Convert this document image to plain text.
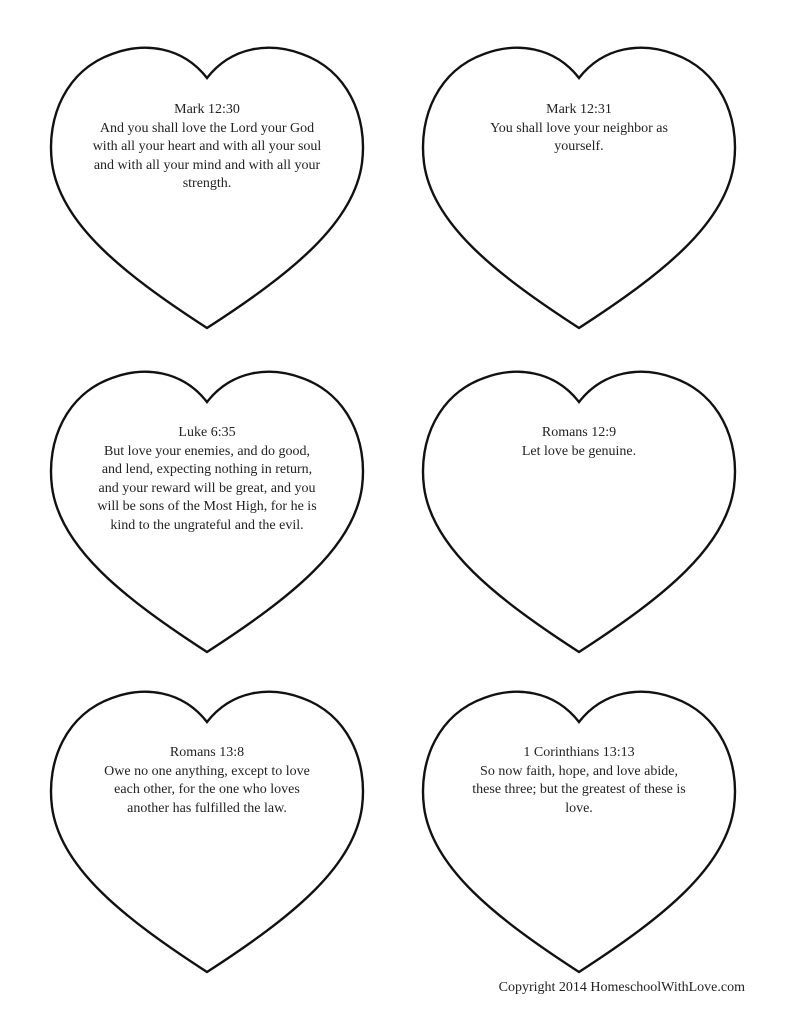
Mark 12:30
And you shall love the Lord your God
with all your heart and with all your soul
and with all your mind and with all your
strength.
Mark 12:31
You shall love your neighbor as
yourself.
Luke 6:35
But love your enemies, and do good,
and lend, expecting nothing in return,
and your reward will be great, and you
will be sons of the Most High, for he is
kind to the ungrateful and the evil.
Romans 12:9
Let love be genuine.
Romans 13:8
Owe no one anything, except to love
each other, for the one who loves
another has fulfilled the law.
1 Corinthians 13:13
So now faith, hope, and love abide,
these three; but the greatest of these is
love.
Copyright 2014 HomeschoolWithLove.com
